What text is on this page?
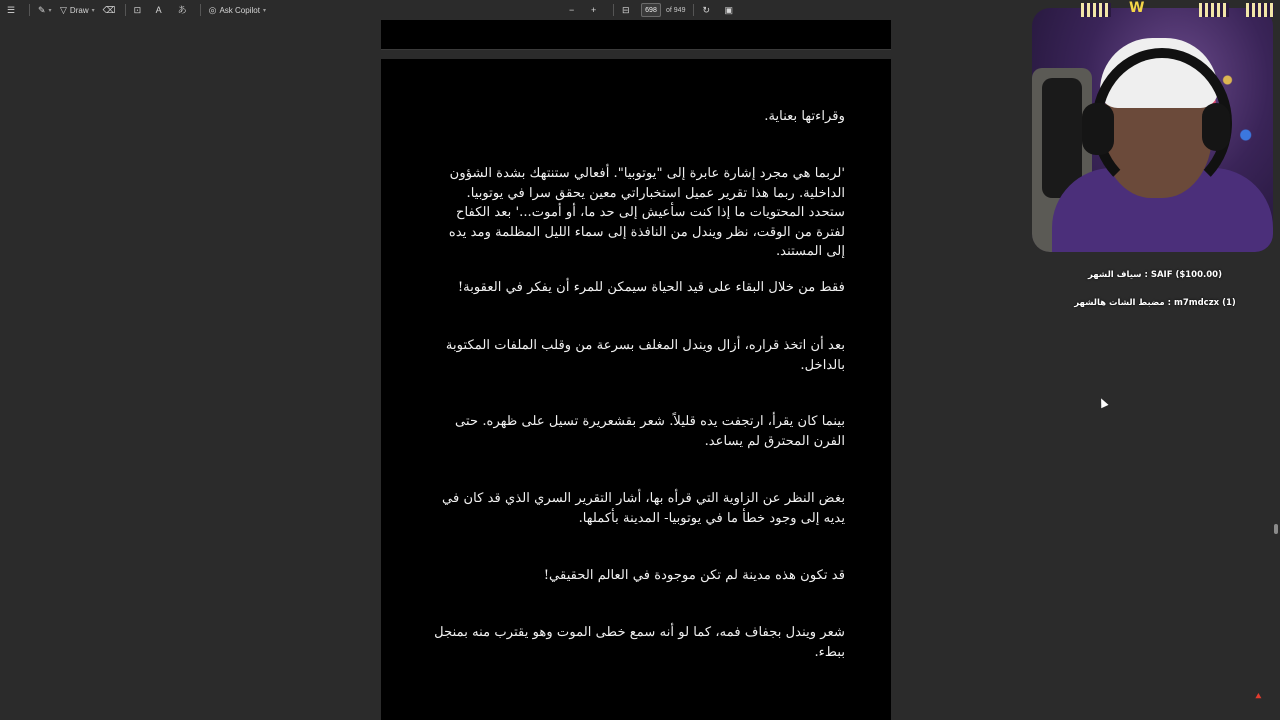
☰	✎ ▾ ▽ Draw ▾ ⌫ ⊡ A あ ◎ Ask Copilot ▾	− +	⊟
698	of 949 ↻ ▣

وقراءتها بعناية.

'لربما هي مجرد إشارة عابرة إلى "يوتوبيا". أفعالي ستنتهك بشدة الشؤون الداخلية. ربما هذا تقرير عميل استخباراتي معين يحقق سرا في يوتوبيا. ستحدد المحتويات ما إذا كنت سأعيش إلى حد ما، أو أموت...' بعد الكفاح لفترة من الوقت، نظر ويندل من النافذة إلى سماء الليل المظلمة ومد يده إلى المستند.

فقط من خلال البقاء على قيد الحياة سيمكن للمرء أن يفكر في العقوبة!

بعد أن اتخذ قراره، أزال ويندل المغلف بسرعة من وقلب الملفات المكتوبة بالداخل.

بينما كان يقرأ، ارتجفت يده قليلاً. شعر بقشعريرة تسيل على ظهره. حتى الفرن المحترق لم يساعد.

بغض النظر عن الزاوية التي قرأه بها، أشار التقرير السري الذي قد كان في يديه إلى وجود خطأ ما في يوتوبيا- المدينة بأكملها.

قد تكون هذه مدينة لم تكن موجودة في العالم الحقيقي!

شعر ويندل بجفاف فمه، كما لو أنه سمع خطى الموت وهو يقترب منه بمنجل ببطء.

⯅
W
SAIF ($100.00) : سياف الشهر
m7mdczx (1) : مضبط الشات هالشهر
